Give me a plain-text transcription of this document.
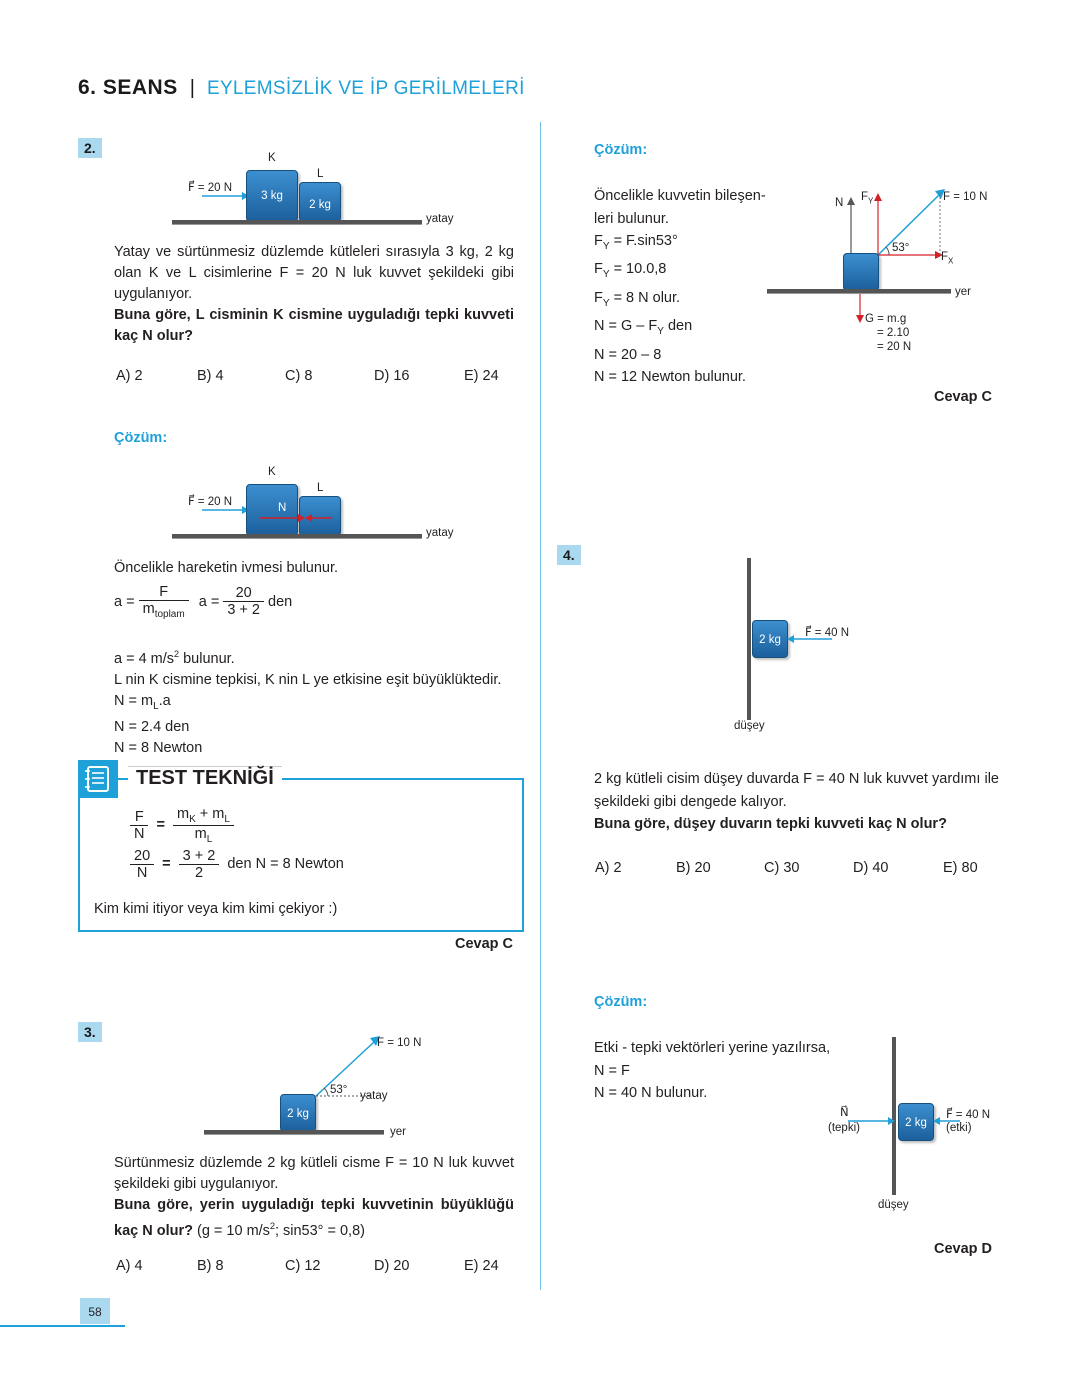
6. SEANS | EYLEMSİZLİK VE İP GERİLMELERİ
2.
K
L
F⃗ = 20 N
3 kg
2 kg
yatay
Yatay ve sürtünmesiz düzlemde kütleleri sırasıyla 3 kg, 2 kg olan K ve L cisimlerine F = 20 N luk kuvvet şekildeki gibi uygulanıyor.
Buna göre, L cisminin K cismine uyguladığı tepki kuvveti kaç N olur?
A) 2	B) 4	C) 8	D) 16	E) 24
Çözüm:
K
L
F⃗ = 20 N	N
yatay
Öncelikle hareketin ivmesi bulunur.
$a = \frac{F}{m_{toplam}}$ $a = \frac{20}{3 + 2}$ den
a = 4 $m/s^2$ bulunur.
L nin K cismine tepkisi, K nin L ye etkisine eşit büyüklüktedir.
$N = m_L.a$
N = 2.4 den
N = 8 Newton
TEST TEKNİĞİ
$\frac{F}{N} = \frac{m_K + m_L}{m_L}$
$\frac{20}{N} = \frac{3 + 2}{2}$ den N = 8 Newton
Kim kimi itiyor veya kim kimi çekiyor :)
Cevap C
3.
F = 10 N
53° yatay
2 kg
yer
Sürtünmesiz düzlemde 2 kg kütleli cisme F = 10 N luk kuvvet şekildeki gibi uygulanıyor.
Buna göre, yerin uyguladığı tepki kuvvetinin büyüklüğü kaç N olur? (g = 10 $m/s^2$; sin53° = 0,8)
A) 4	B) 8	C) 12	D) 20	E) 24
58
Çözüm:
Öncelikle kuvvetin bileşen-
leri bulunur.
$F_Y = F.\sin 53^\circ$
$F_Y = 10.0,8$
$F_Y = 8$ N olur.
$N = G - F_Y$ den
N = 20 – 8
N = 12 Newton bulunur.
N $F_Y$	F = 10 N
53°
$F_X$
yer
G = m.g
= 2.10
= 20 N
Cevap C
4.
2 kg
F⃗ = 40 N
düşey
2 kg kütleli cisim düşey duvarda F = 40 N luk kuvvet yardımı ile şekildeki gibi dengede kalıyor.
Buna göre, düşey duvarın tepki kuvveti kaç N olur?
A) 2	B) 20	C) 30	D) 40	E) 80
Çözüm:
Etki - tepki vektörleri yerine yazılırsa,
N = F
N = 40 N bulunur.
2 kg
N⃗
(tepki)
F⃗ = 40 N
(etki)
düşey
Cevap D
